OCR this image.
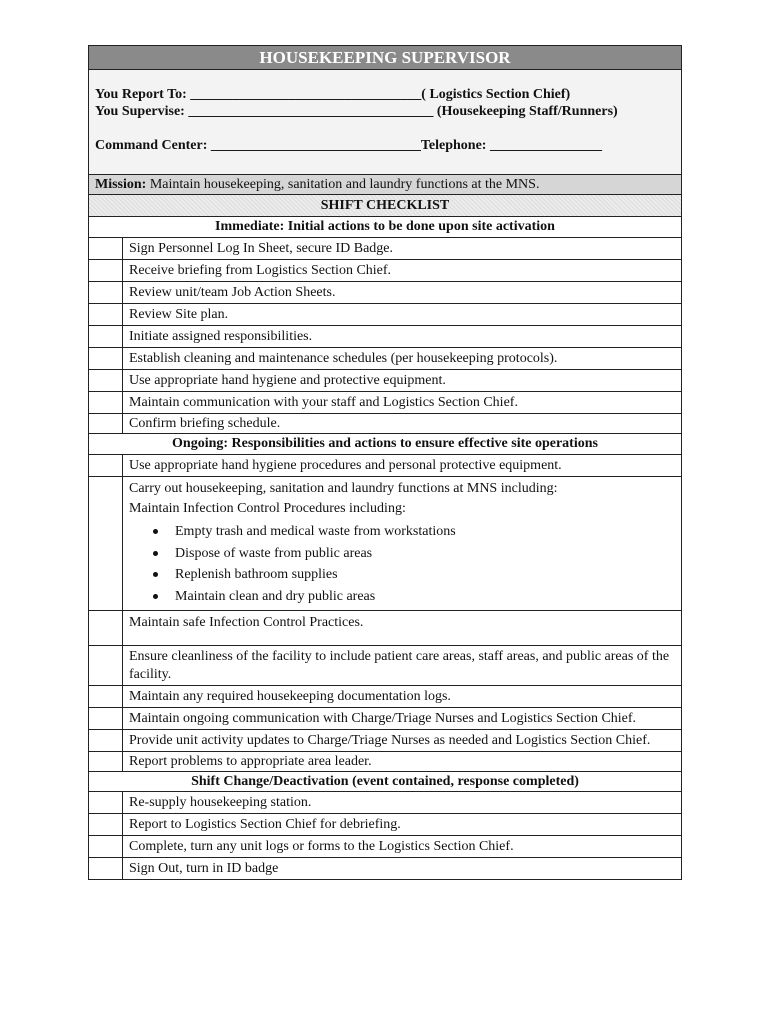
HOUSEKEEPING SUPERVISOR
You Report To: _________________________________( Logistics Section Chief)
You Supervise: ___________________________________ (Housekeeping Staff/Runners)
Command Center: ______________________________Telephone: ________________
Mission: Maintain housekeeping, sanitation and laundry functions at the MNS.
SHIFT CHECKLIST
Immediate: Initial actions to be done upon site activation
Sign Personnel Log In Sheet, secure ID Badge.
Receive briefing from Logistics Section Chief.
Review unit/team Job Action Sheets.
Review Site plan.
Initiate assigned responsibilities.
Establish cleaning and maintenance schedules (per housekeeping protocols).
Use appropriate hand hygiene and protective equipment.
Maintain communication with your staff and Logistics Section Chief.
Confirm briefing schedule.
Ongoing: Responsibilities and actions to ensure effective site operations
Use appropriate hand hygiene procedures and personal protective equipment.
Carry out housekeeping, sanitation and laundry functions at MNS including:
Maintain Infection Control Procedures including:
Empty trash and medical waste from workstations
Dispose of waste from public areas
Replenish bathroom supplies
Maintain clean and dry public areas
Maintain safe Infection Control Practices.
Ensure cleanliness of the facility to include patient care areas, staff areas, and public areas of the facility.
Maintain any required housekeeping documentation logs.
Maintain ongoing communication with Charge/Triage Nurses and Logistics Section Chief.
Provide unit activity updates to Charge/Triage Nurses as needed and Logistics Section Chief.
Report problems to appropriate area leader.
Shift Change/Deactivation (event contained, response completed)
Re-supply housekeeping station.
Report to Logistics Section Chief for debriefing.
Complete, turn any unit logs or forms to the Logistics Section Chief.
Sign Out, turn in ID badge
